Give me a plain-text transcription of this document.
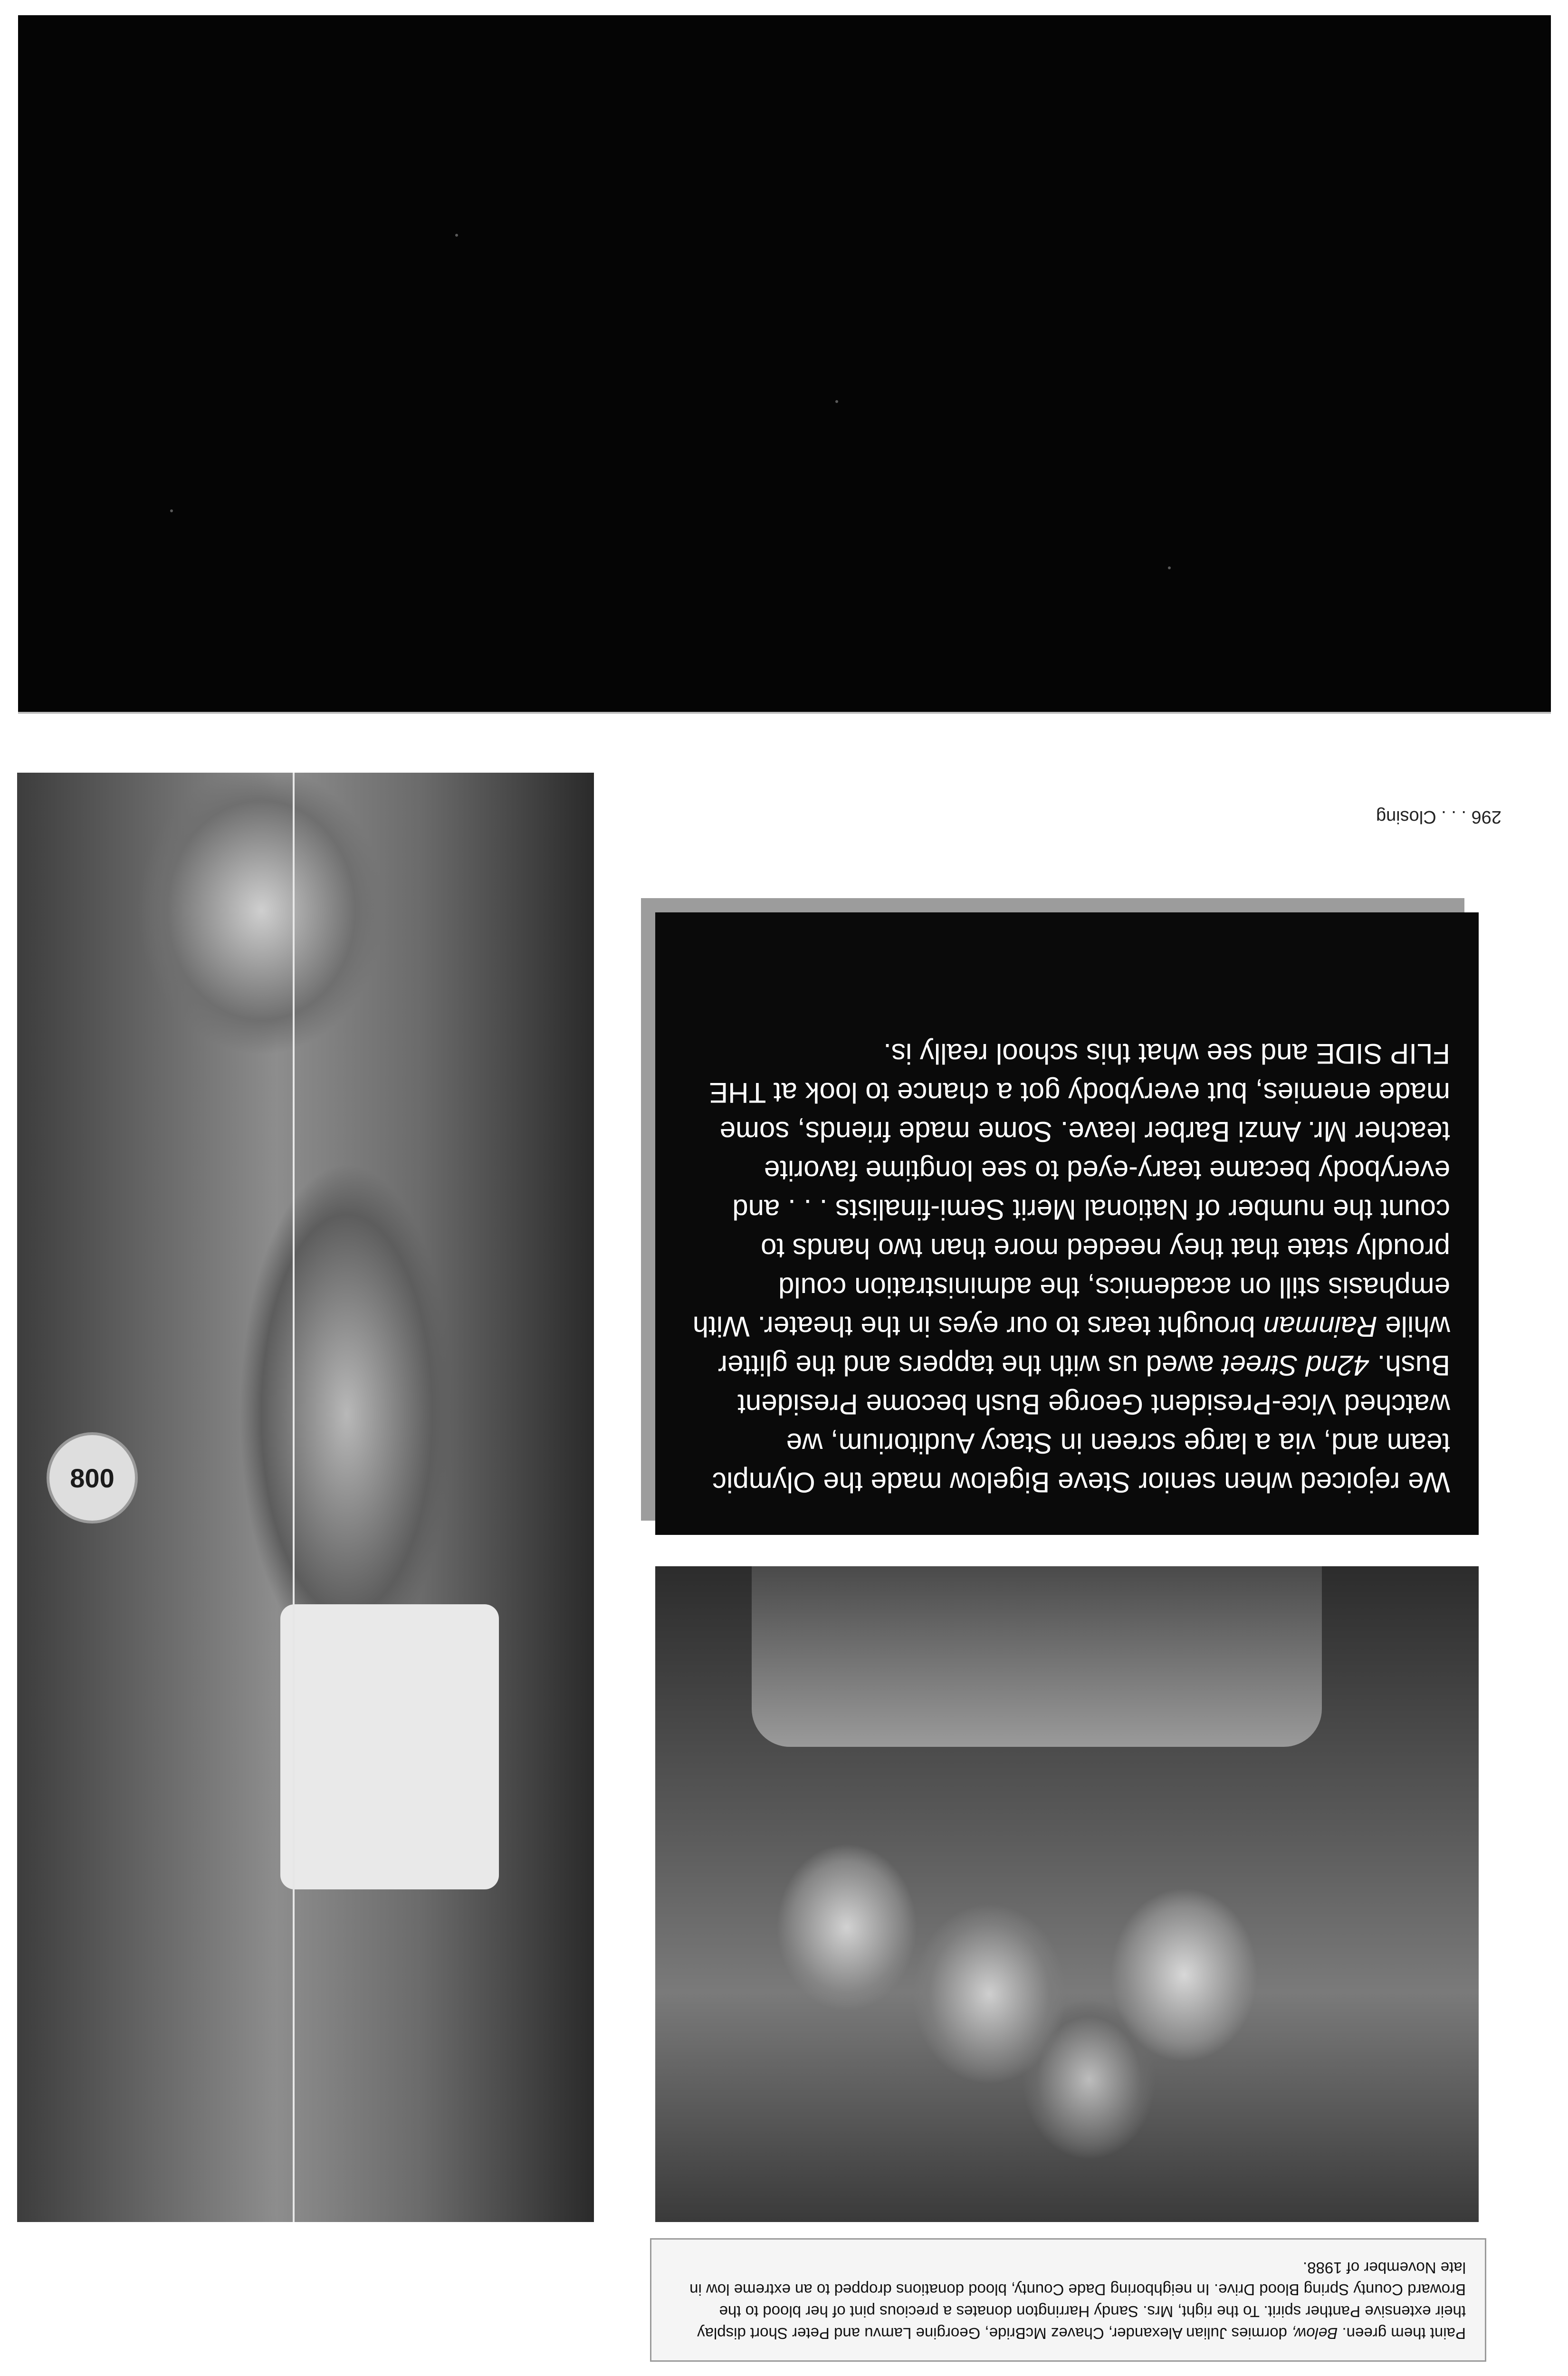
Paint them green. Below, dormies Julian Alexander, Chavez McBride, Georgine Lamvu and Peter Short display their extensive Panther spirit. To the right, Mrs. Sandy Harrington donates a precious pint of her blood to the Broward County Spring Blood Drive. In neighboring Dade County, blood donations dropped to an extreme low in late November of 1988.
We rejoiced when senior Steve Bigelow made the Olympic team and, via a large screen in Stacy Auditorium, we watched Vice-President George Bush become President Bush. 42nd Street awed us with the tappers and the glitter while Rainman brought tears to our eyes in the theater. With emphasis still on academics, the administration could proudly state that they needed more than two hands to count the number of National Merit Semi-finalists . . . and everybody became teary-eyed to see longtime favorite teacher Mr. Amzi Barber leave. Some made friends, some made enemies, but everybody got a chance to look at THE FLIP SIDE and see what this school really is.
296 . . . Closing
800
